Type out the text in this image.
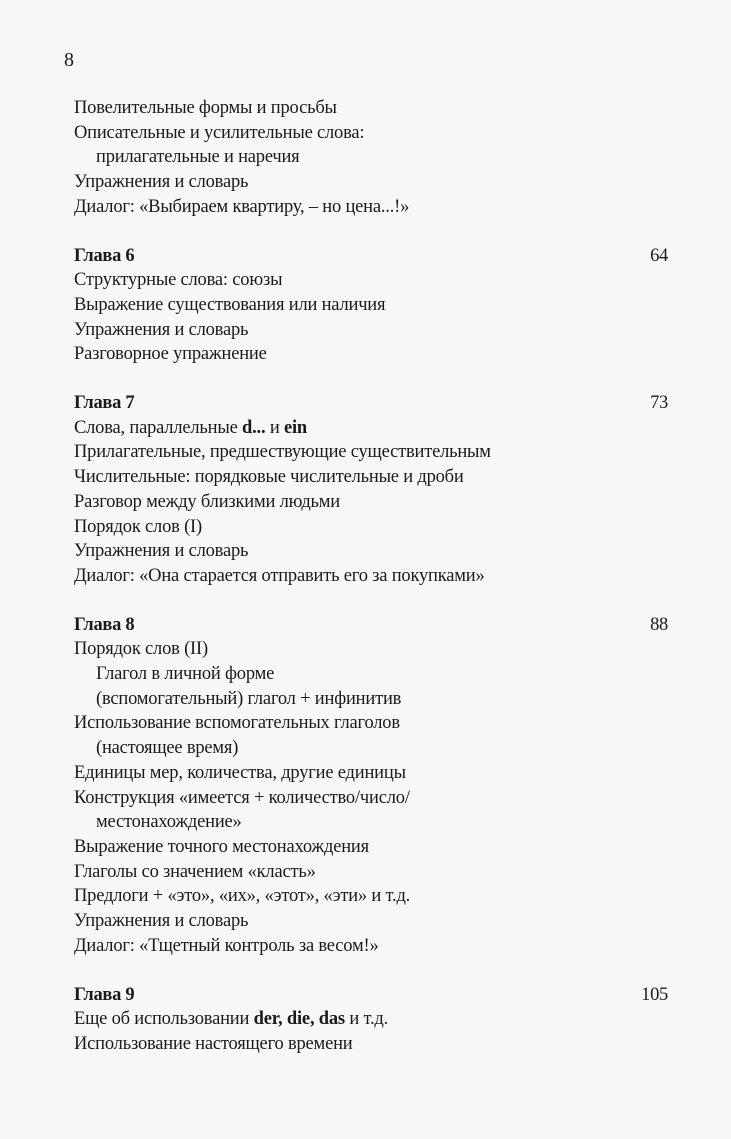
8
Повелительные формы и просьбы
Описательные и усилительные слова:
прилагательные и наречия
Упражнения и словарь
Диалог: «Выбираем квартиру, – но цена...!»
Глава 6	64
Структурные слова: союзы
Выражение существования или наличия
Упражнения и словарь
Разговорное упражнение
Глава 7	73
Слова, параллельные d... и ein
Прилагательные, предшествующие существительным
Числительные: порядковые числительные и дроби
Разговор между близкими людьми
Порядок слов (I)
Упражнения и словарь
Диалог: «Она старается отправить его за покупками»
Глава 8	88
Порядок слов (II)
Глагол в личной форме
(вспомогательный) глагол + инфинитив
Использование вспомогательных глаголов
(настоящее время)
Единицы мер, количества, другие единицы
Конструкция «имеется + количество/число/
местонахождение»
Выражение точного местонахождения
Глаголы со значением «класть»
Предлоги + «это», «их», «этот», «эти» и т.д.
Упражнения и словарь
Диалог: «Тщетный контроль за весом!»
Глава 9	105
Еще об использовании der, die, das и т.д.
Использование настоящего времени
